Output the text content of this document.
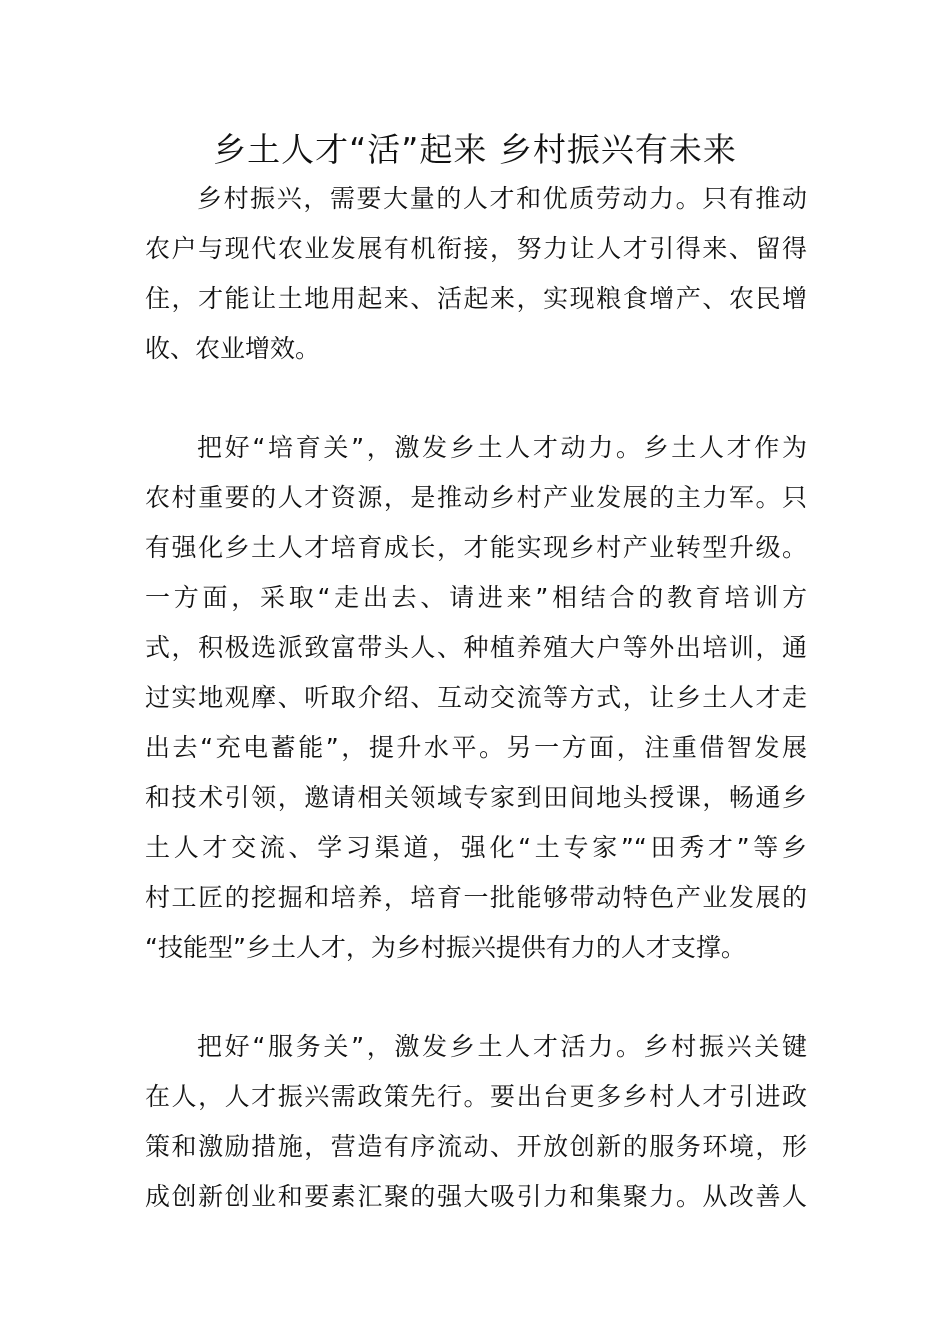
乡土人才“活”起来 乡村振兴有未来
乡村振兴，需要大量的人才和优质劳动力。只有推动
农户与现代农业发展有机衔接，努力让人才引得来、留得
住，才能让土地用起来、活起来，实现粮食增产、农民增
收、农业增效。
把好“培育关”，激发乡土人才动力。乡土人才作为
农村重要的人才资源，是推动乡村产业发展的主力军。只
有强化乡土人才培育成长，才能实现乡村产业转型升级。
一方面，采取“走出去、请进来”相结合的教育培训方
式，积极选派致富带头人、种植养殖大户等外出培训，通
过实地观摩、听取介绍、互动交流等方式，让乡土人才走
出去“充电蓄能”，提升水平。另一方面，注重借智发展
和技术引领，邀请相关领域专家到田间地头授课，畅通乡
土人才交流、学习渠道，强化“土专家”“田秀才”等乡
村工匠的挖掘和培养，培育一批能够带动特色产业发展的
“技能型”乡土人才，为乡村振兴提供有力的人才支撑。
把好“服务关”，激发乡土人才活力。乡村振兴关键
在人，人才振兴需政策先行。要出台更多乡村人才引进政
策和激励措施，营造有序流动、开放创新的服务环境，形
成创新创业和要素汇聚的强大吸引力和集聚力。从改善人
